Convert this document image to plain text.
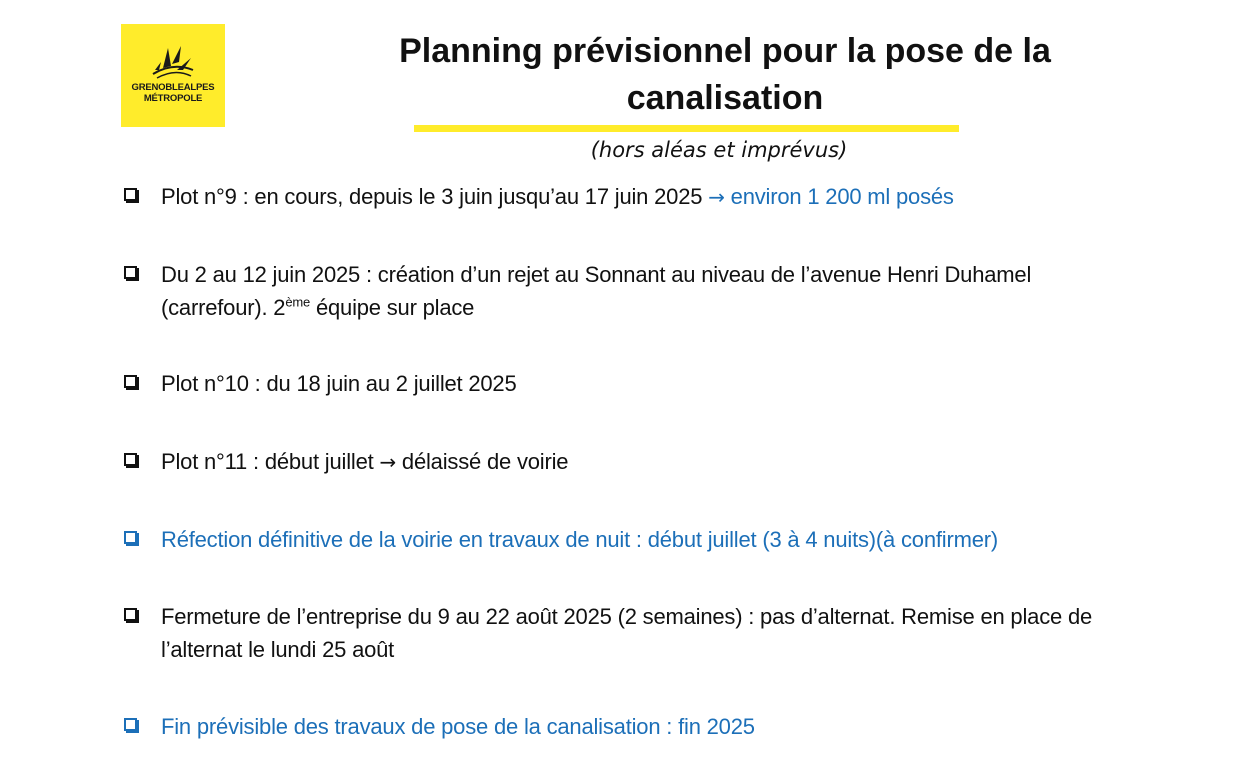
GRENOBLEALPES
MÉTROPOLE
Planning prévisionnel pour la pose de la
canalisation
(hors aléas et imprévus)
Plot n°9 : en cours, depuis le 3 juin jusqu’au 17 juin 2025 → environ 1 200 ml posés
Du 2 au 12 juin 2025 : création d’un rejet au Sonnant au niveau de l’avenue Henri Duhamel (carrefour). 2ème équipe sur place
Plot n°10 : du 18 juin au 2 juillet 2025
Plot n°11 : début juillet → délaissé de voirie
Réfection définitive de la voirie en travaux de nuit : début juillet (3 à 4 nuits)(à confirmer)
Fermeture de l’entreprise du 9 au 22 août 2025 (2 semaines) : pas d’alternat. Remise en place de l’alternat le lundi 25 août
Fin prévisible des travaux de pose de la canalisation : fin 2025
